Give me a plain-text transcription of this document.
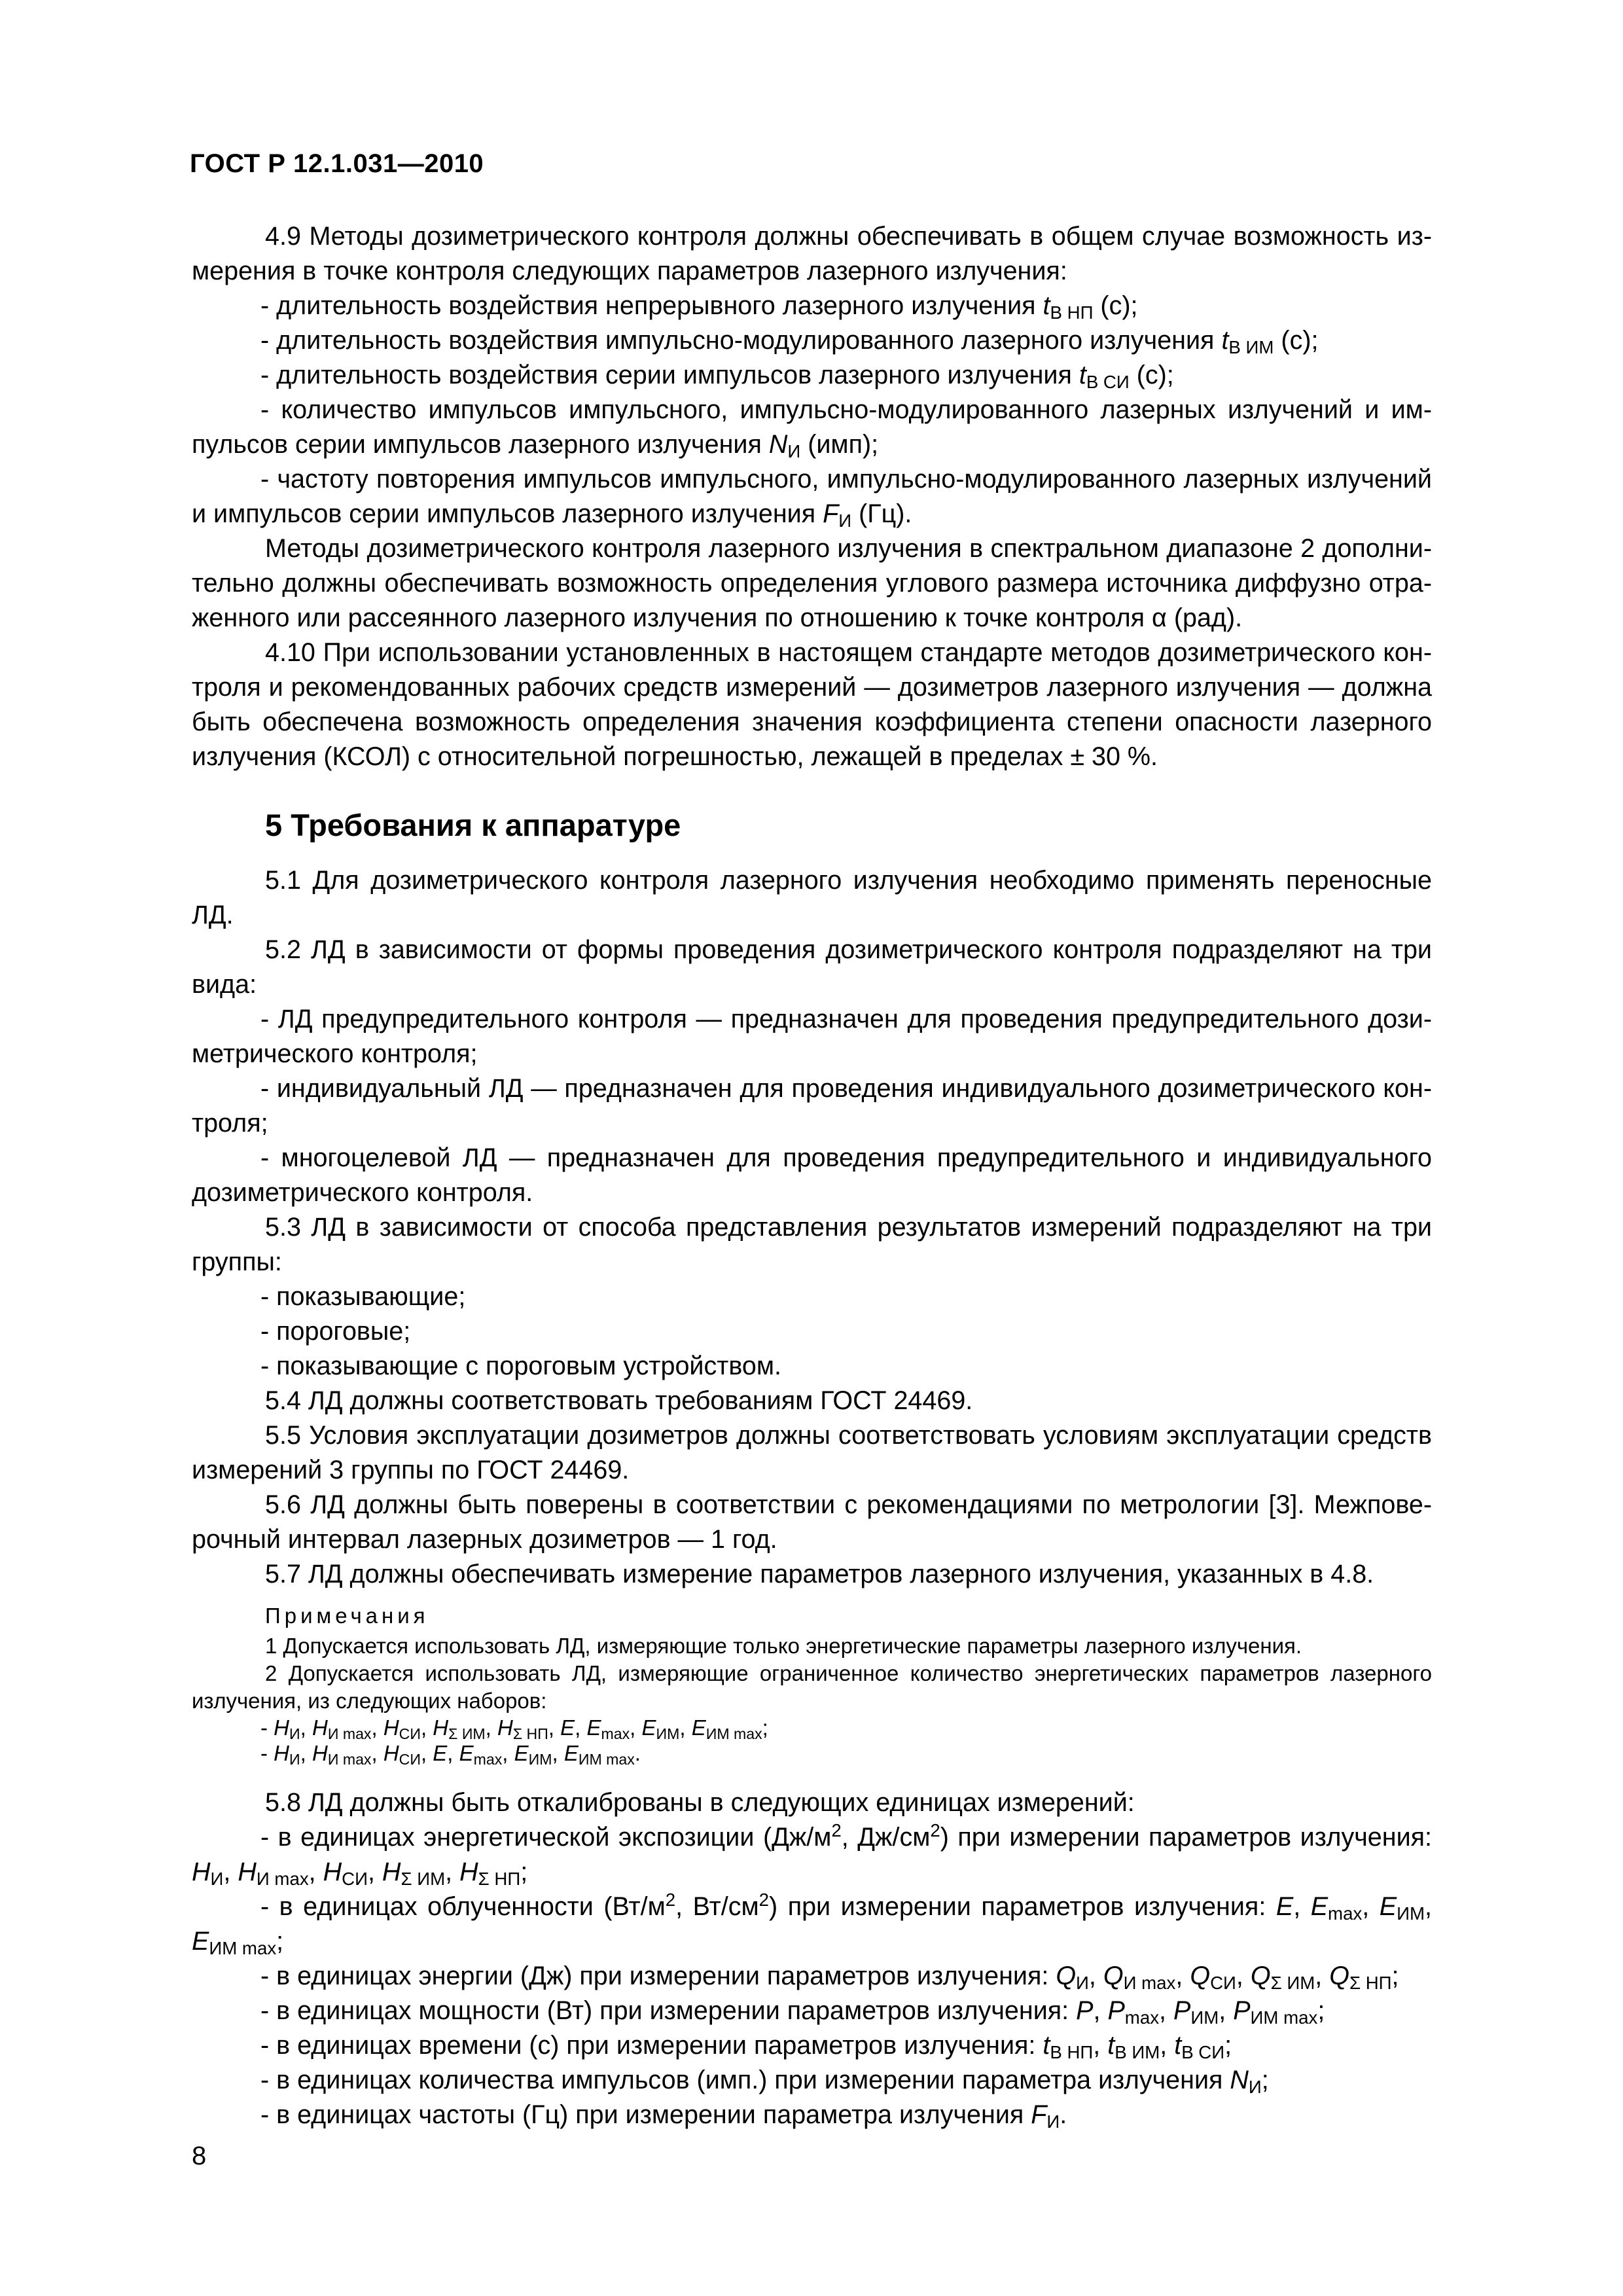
ГОСТ Р 12.1.031—2010

4.9 Методы дозиметрического контроля должны обеспечивать в общем случае возможность измерения в точке контроля следующих параметров лазерного излучения:

- длительность воздействия непрерывного лазерного излучения $t_{В НП}$ (с);

- длительность воздействия импульсно-модулированного лазерного излучения $t_{В ИМ}$ (с);

- длительность воздействия серии импульсов лазерного излучения $t_{В СИ}$ (с);

- количество импульсов импульсного, импульсно-модулированного лазерных излучений и импульсов серии импульсов лазерного излучения $N_И$ (имп);

- частоту повторения импульсов импульсного, импульсно-модулированного лазерных излучений и импульсов серии импульсов лазерного излучения $F_И$ (Гц).

Методы дозиметрического контроля лазерного излучения в спектральном диапазоне 2 дополнительно должны обеспечивать возможность определения углового размера источника диффузно отраженного или рассеянного лазерного излучения по отношению к точке контроля α (рад).

4.10 При использовании установленных в настоящем стандарте методов дозиметрического контроля и рекомендованных рабочих средств измерений — дозиметров лазерного излучения — должна быть обеспечена возможность определения значения коэффициента степени опасности лазерного излучения (КСОЛ) с относительной погрешностью, лежащей в пределах ± 30 %.

5 Требования к аппаратуре

5.1 Для дозиметрического контроля лазерного излучения необходимо применять переносные ЛД.

5.2 ЛД в зависимости от формы проведения дозиметрического контроля подразделяют на три вида:

- ЛД предупредительного контроля — предназначен для проведения предупредительного дозиметрического контроля;

- индивидуальный ЛД — предназначен для проведения индивидуального дозиметрического контроля;

- многоцелевой ЛД — предназначен для проведения предупредительного и индивидуального дозиметрического контроля.

5.3 ЛД в зависимости от способа представления результатов измерений подразделяют на три группы:

- показывающие;

- пороговые;

- показывающие с пороговым устройством.

5.4 ЛД должны соответствовать требованиям ГОСТ 24469.

5.5 Условия эксплуатации дозиметров должны соответствовать условиям эксплуатации средств измерений 3 группы по ГОСТ 24469.

5.6 ЛД должны быть поверены в соответствии с рекомендациями по метрологии [3]. Межповерочный интервал лазерных дозиметров — 1 год.

5.7 ЛД должны обеспечивать измерение параметров лазерного излучения, указанных в 4.8.

Примечания

1 Допускается использовать ЛД, измеряющие только энергетические параметры лазерного излучения.

2 Допускается использовать ЛД, измеряющие ограниченное количество энергетических параметров лазерного излучения, из следующих наборов:

- $H_И$, $H_{И max}$, $H_{СИ}$, $H_{\Sigma ИМ}$, $H_{\Sigma НП}$, E, $E_{max}$, $E_{ИМ}$, $E_{ИМ max}$;

- $H_И$, $H_{И max}$, $H_{СИ}$, E, $E_{max}$, $E_{ИМ}$, $E_{ИМ max}$.

5.8 ЛД должны быть откалиброваны в следующих единицах измерений:

- в единицах энергетической экспозиции ($Дж/м^2$, $Дж/см^2$) при измерении параметров излучения: $H_И$, $H_{И max}$, $H_{СИ}$, $H_{\Sigma ИМ}$, $H_{\Sigma НП}$;

- в единицах облученности ($Вт/м^2$, $Вт/см^2$) при измерении параметров излучения: E, $E_{max}$, $E_{ИМ}$, $E_{ИМ max}$;

- в единицах энергии (Дж) при измерении параметров излучения: $Q_И$, $Q_{И max}$, $Q_{СИ}$, $Q_{\Sigma ИМ}$, $Q_{\Sigma НП}$;

- в единицах мощности (Вт) при измерении параметров излучения: P, $P_{max}$, $P_{ИМ}$, $P_{ИМ max}$;

- в единицах времени (с) при измерении параметров излучения: $t_{В НП}$, $t_{В ИМ}$, $t_{В СИ}$;

- в единицах количества импульсов (имп.) при измерении параметра излучения $N_И$;

- в единицах частоты (Гц) при измерении параметра излучения $F_И$.

8
